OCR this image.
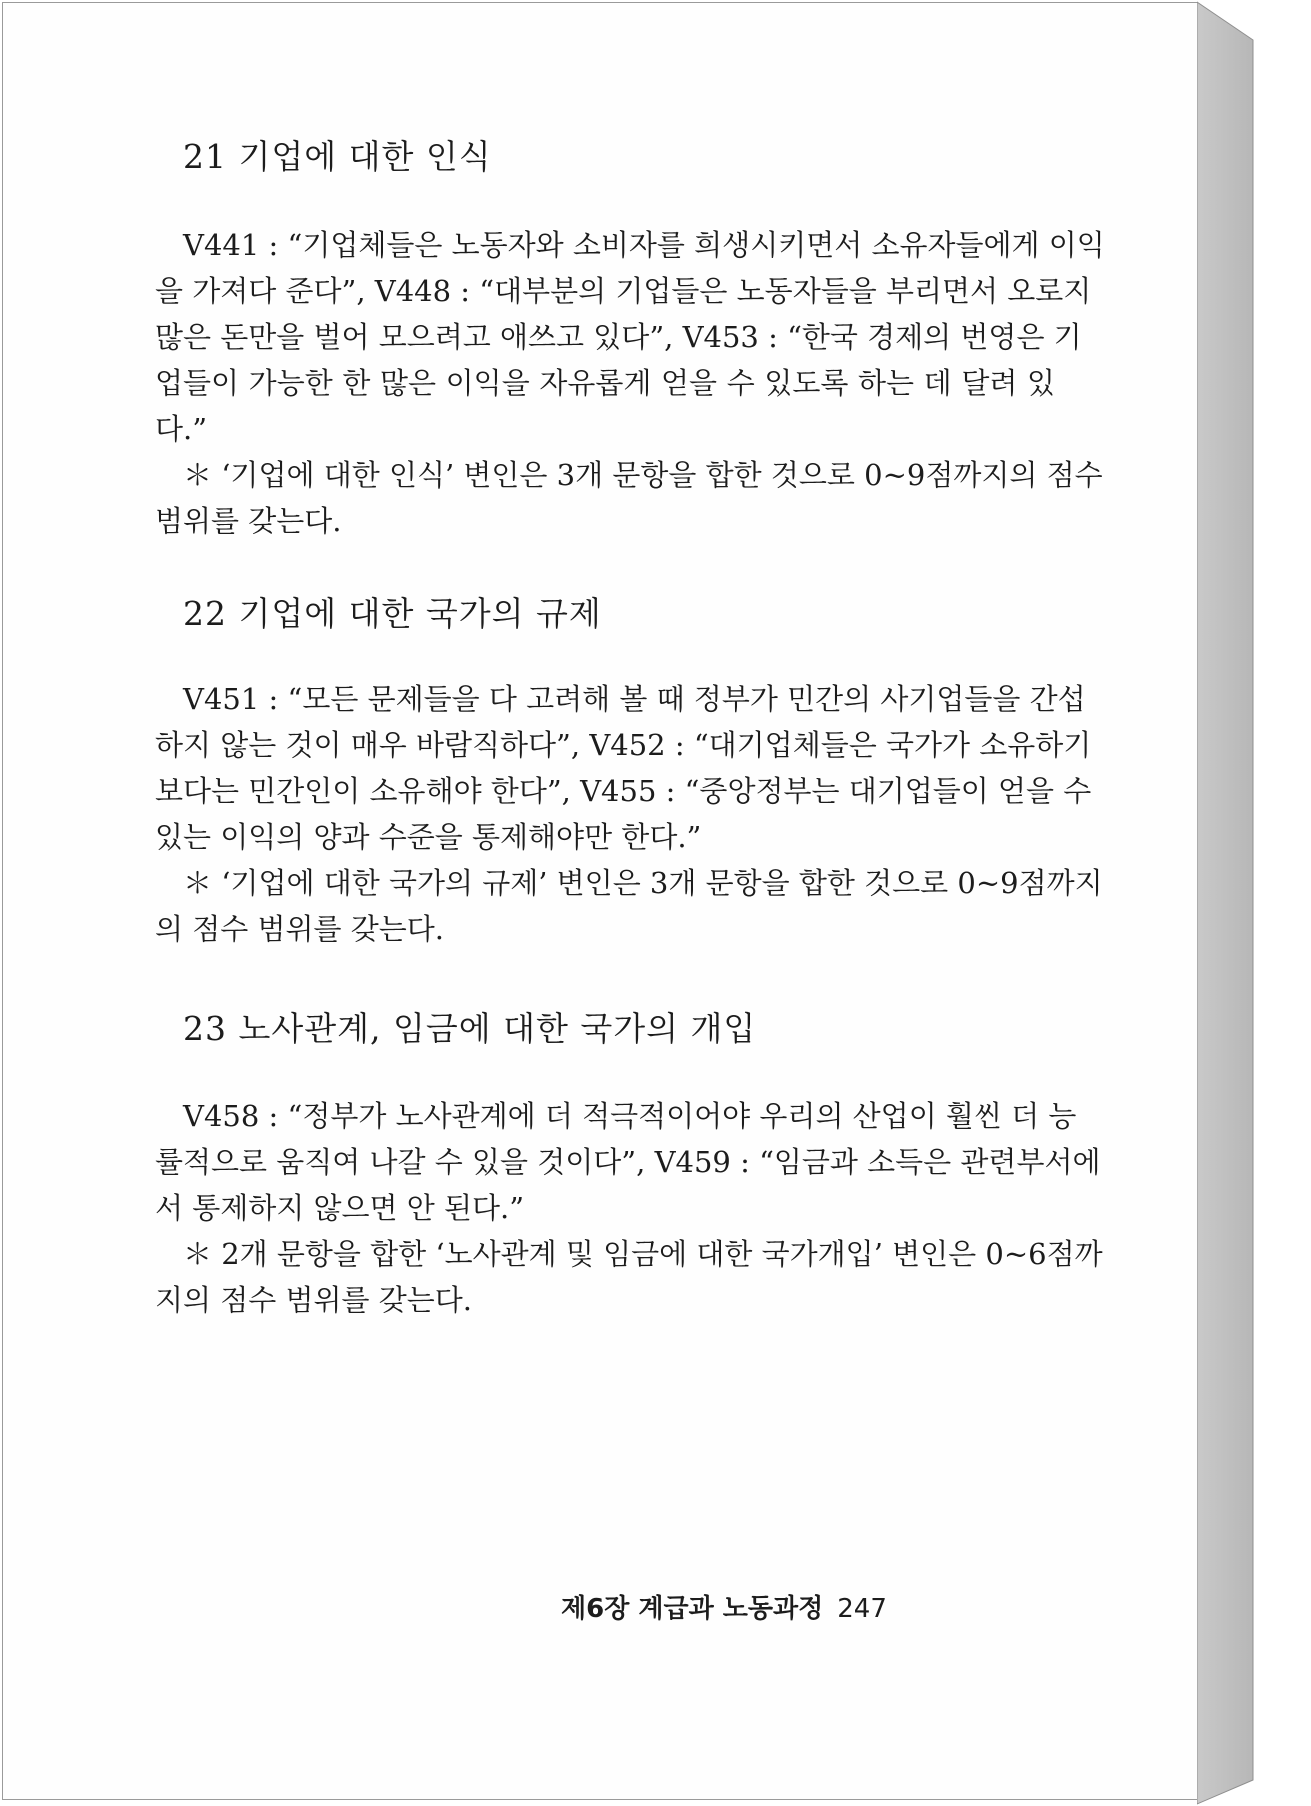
21 기업에 대한 인식
V441 : “기업체들은 노동자와 소비자를 희생시키면서 소유자들에게 이익
을 가져다 준다”, V448 : “대부분의 기업들은 노동자들을 부리면서 오로지
많은 돈만을 벌어 모으려고 애쓰고 있다”, V453 : “한국 경제의 번영은 기
업들이 가능한 한 많은 이익을 자유롭게 얻을 수 있도록 하는 데 달려 있
다.”
＊ ‘기업에 대한 인식’ 변인은 3개 문항을 합한 것으로 0~9점까지의 점수
범위를 갖는다.
22 기업에 대한 국가의 규제
V451 : “모든 문제들을 다 고려해 볼 때 정부가 민간의 사기업들을 간섭
하지 않는 것이 매우 바람직하다”, V452 : “대기업체들은 국가가 소유하기
보다는 민간인이 소유해야 한다”, V455 : “중앙정부는 대기업들이 얻을 수
있는 이익의 양과 수준을 통제해야만 한다.”
＊ ‘기업에 대한 국가의 규제’ 변인은 3개 문항을 합한 것으로 0~9점까지
의 점수 범위를 갖는다.
23 노사관계, 임금에 대한 국가의 개입
V458 : “정부가 노사관계에 더 적극적이어야 우리의 산업이 훨씬 더 능
률적으로 움직여 나갈 수 있을 것이다”, V459 : “임금과 소득은 관련부서에
서 통제하지 않으면 안 된다.”
＊ 2개 문항을 합한 ‘노사관계 및 임금에 대한 국가개입’ 변인은 0~6점까
지의 점수 범위를 갖는다.
제6장 계급과 노동과정 247
